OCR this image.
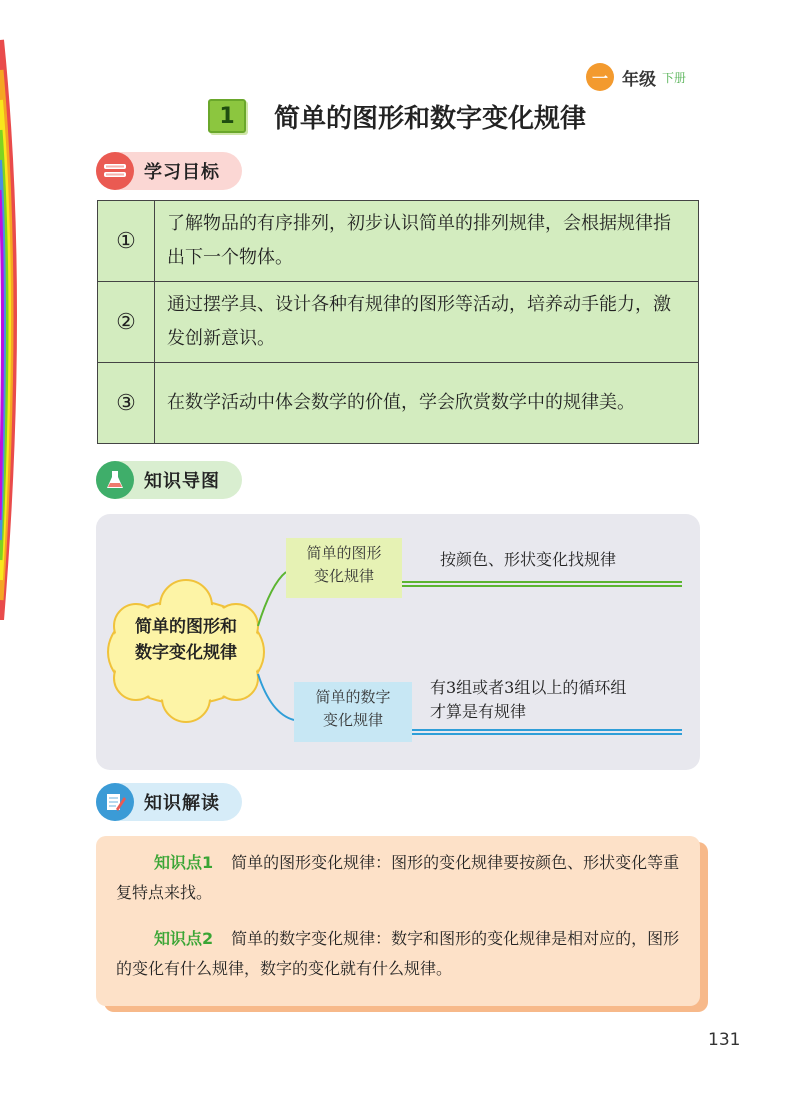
一 年级 下册
1	简单的图形和数字变化规律
学习目标
①	了解物品的有序排列，初步认识简单的排列规律，会根据规律指出下一个物体。
②	通过摆学具、设计各种有规律的图形等活动，培养动手能力，激发创新意识。
③	在数学活动中体会数学的价值，学会欣赏数学中的规律美。
知识导图
简单的图形和
数字变化规律
简单的图形
变化规律
按颜色、形状变化找规律
简单的数字
变化规律
有3组或者3组以上的循环组
才算是有规律
知识解读
知识点1 简单的图形变化规律：图形的变化规律要按颜色、形状变化等重复特点来找。
知识点2 简单的数字变化规律：数字和图形的变化规律是相对应的，图形的变化有什么规律，数字的变化就有什么规律。
131
